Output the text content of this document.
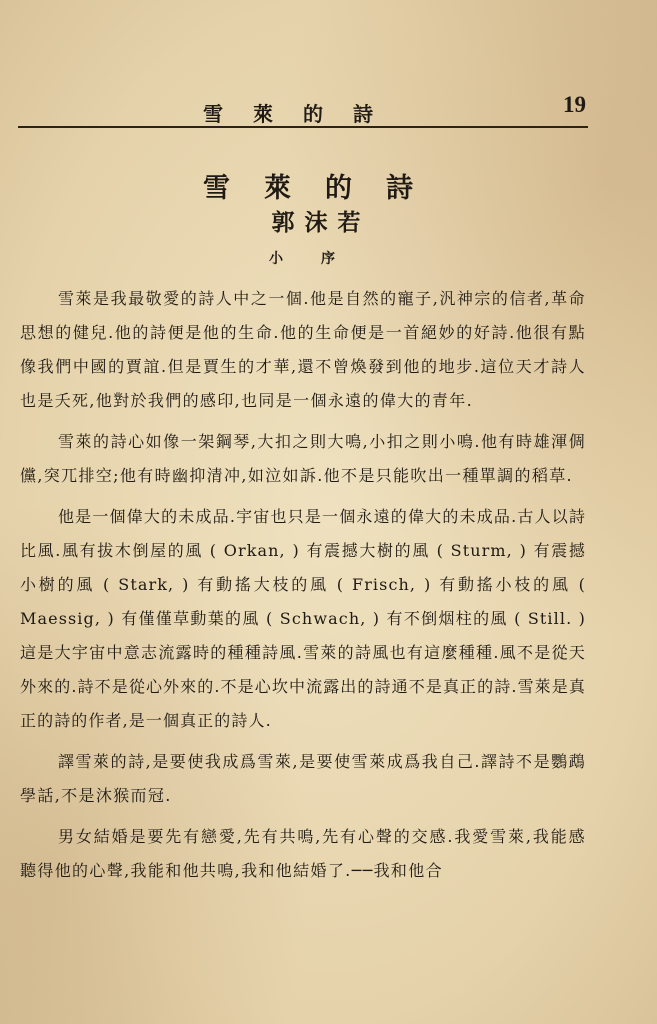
雪萊的詩	19
雪萊的詩
郭沫若
小序

雪萊是我最敬愛的詩人中之一個.他是自然的寵子,汎神宗的信者,革命思想的健兒.他的詩便是他的生命.他的生命便是一首絕妙的好詩.他很有點像我們中國的賈誼.但是賈生的才華,還不曾煥發到他的地步.這位天才詩人也是夭死,他對於我們的感印,也同是一個永遠的偉大的青年.

雪萊的詩心如像一架鋼琴,大扣之則大鳴,小扣之則小鳴.他有時雄渾倜儻,突兀排空;他有時幽抑清冲,如泣如訴.他不是只能吹出一種單調的稻草.

他是一個偉大的未成品.宇宙也只是一個永遠的偉大的未成品.古人以詩比風.風有拔木倒屋的風 ( Orkan, ) 有震撼大樹的風 ( Sturm, ) 有震撼小樹的風 ( Stark, ) 有動搖大枝的風 ( Frisch, ) 有動搖小枝的風 ( Maessig, ) 有僅僅草動葉的風 ( Schwach, ) 有不倒烟柱的風 ( Still. ) 這是大宇宙中意志流露時的種種詩風.雪萊的詩風也有這麼種種.風不是從天外來的.詩不是從心外來的.不是心坎中流露出的詩通不是真正的詩.雪萊是真正的詩的作者,是一個真正的詩人.

譯雪萊的詩,是要使我成爲雪萊,是要使雪萊成爲我自己.譯詩不是鸚鵡學話,不是沐猴而冠.

男女結婚是要先有戀愛,先有共鳴,先有心聲的交感.我愛雪萊,我能感聽得他的心聲,我能和他共鳴,我和他結婚了.──我和他合
